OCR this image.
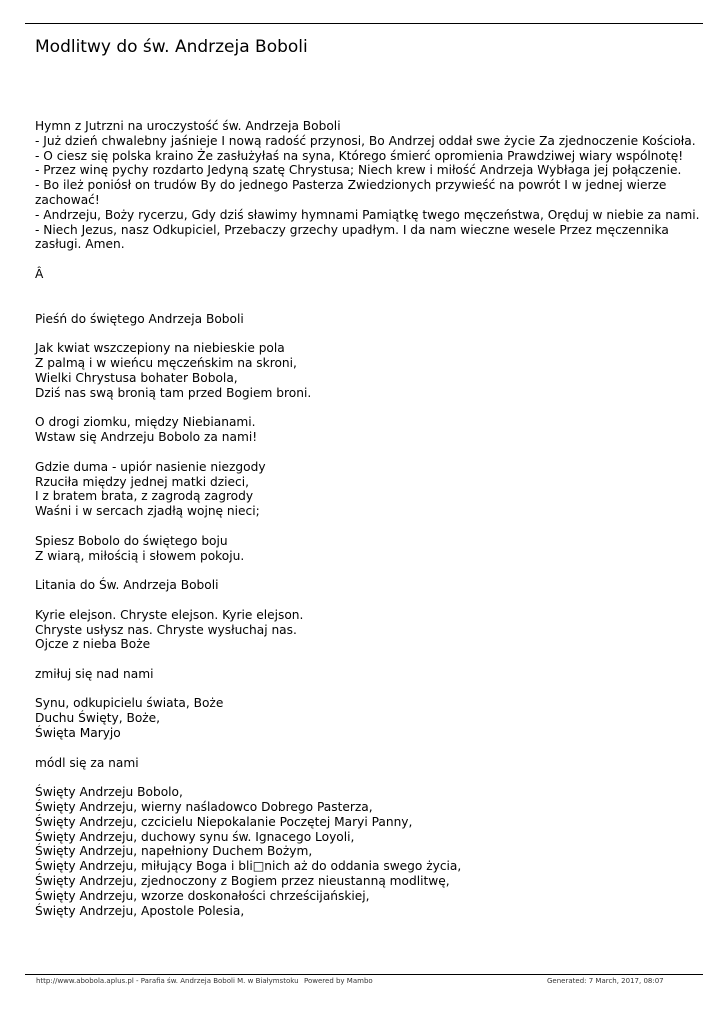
Modlitwy do św. Andrzeja Boboli
Hymn z Jutrzni na uroczystość św. Andrzeja Boboli
- Już dzień chwalebny jaśnieje I nową radość przynosi, Bo Andrzej oddał swe życie Za zjednoczenie Kościoła.
- O ciesz się polska kraino Że zasłużyłaś na syna, Którego śmierć opromienia Prawdziwej wiary wspólnotę!
- Przez winę pychy rozdarto Jedyną szatę Chrystusa; Niech krew i miłość Andrzeja Wybłaga jej połączenie.
- Bo ileż poniósł on trudów By do jednego Pasterza Zwiedzionych przywieść na powrót I w jednej wierze zachować!
- Andrzeju, Boży rycerzu, Gdy dziś sławimy hymnami Pamiątkę twego męczeństwa, Oręduj w niebie za nami.
- Niech Jezus, nasz Odkupiciel, Przebaczy grzechy upadłym. I da nam wieczne wesele Przez męczennika zasługi. Amen.
Â
Pieśń do świętego Andrzeja Boboli
Jak kwiat wszczepiony na niebieskie pola
Z palmą i w wieńcu męczeńskim na skroni,
Wielki Chrystusa bohater Bobola,
Dziś nas swą bronią tam przed Bogiem broni.
O drogi ziomku, między Niebianami.
Wstaw się Andrzeju Bobolo za nami!
Gdzie duma - upiór nasienie niezgody
Rzuciła między jednej matki dzieci,
I z bratem brata, z zagrodą zagrody
Waśni i w sercach zjadłą wojnę nieci;
Spiesz Bobolo do świętego boju
Z wiarą, miłością i słowem pokoju.
Litania do Św. Andrzeja Boboli
Kyrie elejson. Chryste elejson. Kyrie elejson.
Chryste usłysz nas. Chryste wysłuchaj nas.
Ojcze z nieba Boże
zmiłuj się nad nami
Synu, odkupicielu świata, Boże
Duchu Święty, Boże,
Święta Maryjo
módl się za nami
Święty Andrzeju Bobolo,
Święty Andrzeju, wierny naśladowco Dobrego Pasterza,
Święty Andrzeju, czcicielu Niepokalanie Poczętej Maryi Panny,
Święty Andrzeju, duchowy synu św. Ignacego Loyoli,
Święty Andrzeju, napełniony Duchem Bożym,
Święty Andrzeju, miłujący Boga i bli□nich aż do oddania swego życia,
Święty Andrzeju, zjednoczony z Bogiem przez nieustanną modlitwę,
Święty Andrzeju, wzorze doskonałości chrześcijańskiej,
Święty Andrzeju, Apostole Polesia,
http://www.abobola.aplus.pl - Parafia św. Andrzeja Boboli M. w Białymstoku Powered by Mambo	Generated: 7 March, 2017, 08:07
